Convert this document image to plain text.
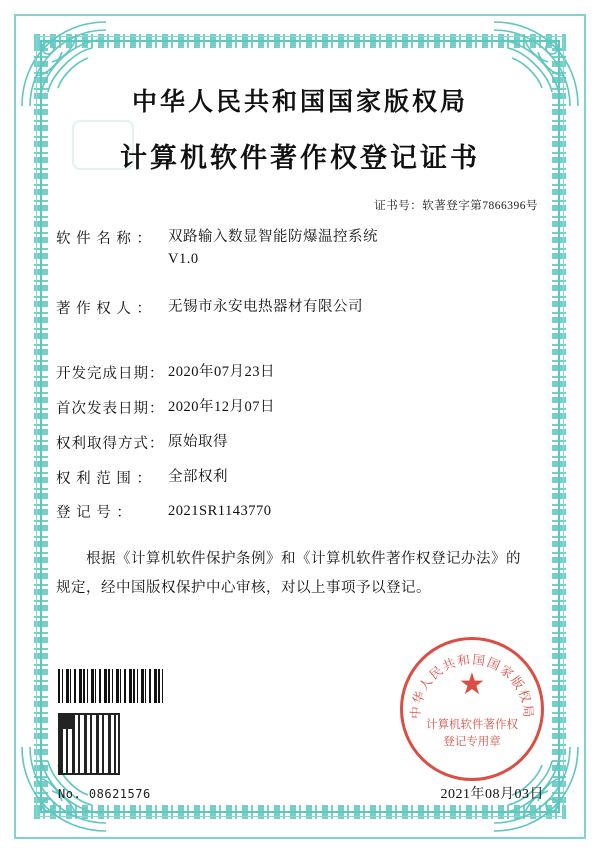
中华人民共和国国家版权局
计算机软件著作权登记证书
证书号：软著登字第7866396号
软 件 名 称 ：	双路输入数显智能防爆温控系统
V1.0
著 作 权 人 ：	无锡市永安电热器材有限公司
开发完成日期： 2020年07月23日
首次发表日期： 2020年12月07日
权利取得方式： 原始取得
权 利 范 围 ：	全部权利
登 记 号 ：	2021SR1143770
根据《计算机软件保护条例》和《计算机软件著作权登记办法》的
规定，经中国版权保护中心审核，对以上事项予以登记。
No. 08621576
中华人民共和国国家版权局
★
计算机软件著作权
登记专用章
2021年08月03日
